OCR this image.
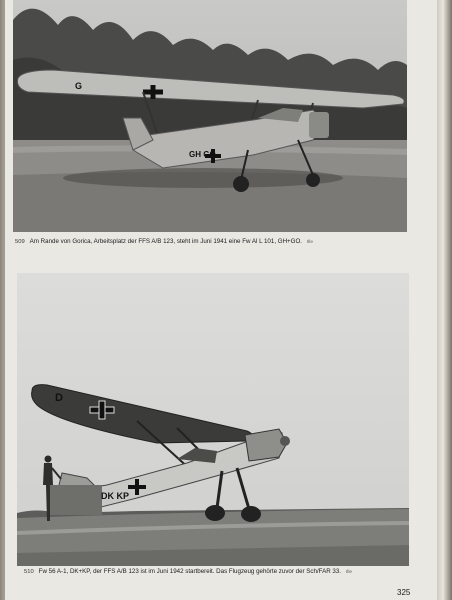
G
GH GO
509 Am Rande von Gorica, Arbeitsplatz der FFS A/B 123, steht im Juni 1941 eine Fw Al L 101, GH+GO. Ille
D
DK KP
510 Fw 56 A-1, DK+KP, der FFS A/B 123 ist im Juni 1942 startbereit. Das Flugzeug gehörte zuvor der Sch/FAR 33. Ille
325
